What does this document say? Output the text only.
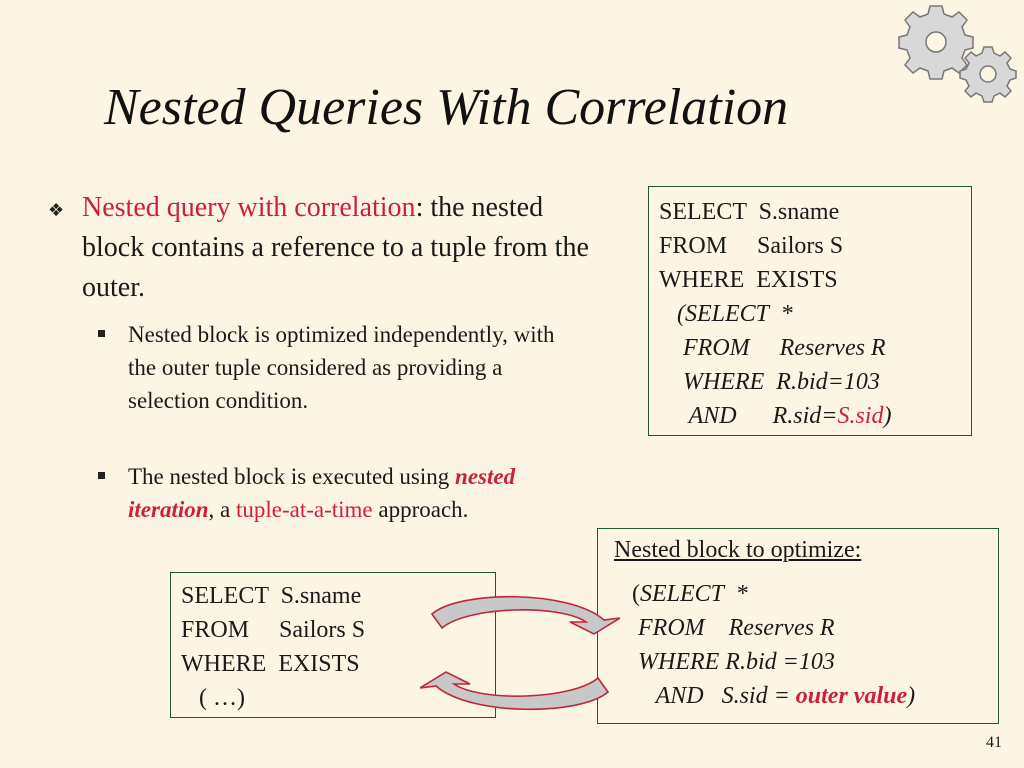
Nested Queries With Correlation
❖ Nested query with correlation: the nested block contains a reference to a tuple from the outer.
Nested block is optimized independently, with the outer tuple considered as providing a selection condition.
The nested block is executed using nested iteration, a tuple-at-a-time approach.
SELECT  S.sname
FROM     Sailors S
WHERE  EXISTS
(SELECT  *
FROM     Reserves R
WHERE  R.bid=103
AND      R.sid=S.sid)
SELECT  S.sname
FROM     Sailors S
WHERE  EXISTS
( …)
Nested block to optimize:
(SELECT  *
FROM    Reserves R
WHERE R.bid =103
AND   S.sid = outer value)
41
